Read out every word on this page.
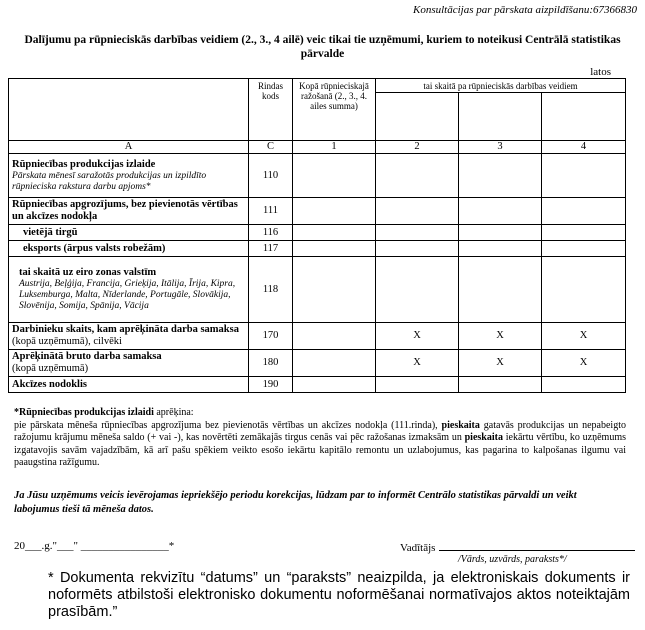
Konsultācijas par pārskata aizpildīšanu:67366830
Dalījumu pa rūpnieciskās darbības veidiem (2., 3., 4 ailē) veic tikai tie uzņēmumi, kuriem to noteikusi Centrālā statistikas pārvalde
latos
	Rindas kods	Kopā rūpnieciskajā ražošanā (2., 3., 4. ailes summa)	tai skaitā pa rūpnieciskās darbības veidiem		

A	C	1	2	3	4

Rūpniecības produkcijas izlaide
Pārskata mēnesī saražotās produkcijas un izpildīto rūpnieciska rakstura darbu apjoms*	110				
Rūpniecības apgrozījums, bez pievienotās vērtības un akcīzes nodokļa	111				
vietējā tirgū	116				
eksports (ārpus valsts robežām)	117				

tai skaitā uz eiro zonas valstīm
Austrija, Beļģija, Francija, Grieķija, Itālija, Īrija, Kipra, Luksemburga, Malta, Nīderlande, Portugāle, Slovākija, Slovēnija, Somija, Spānija, Vācija	118				
Darbinieku skaits, kam aprēķināta darba samaksa (kopā uzņēmumā), cilvēki	170		X	X	X

Aprēķinātā bruto darba samaksa
(kopā uzņēmumā)	180		X	X	X
Akcīzes nodoklis	190				
*Rūpniecības produkcijas izlaidi aprēķina:
pie pārskata mēneša rūpniecības apgrozījuma bez pievienotās vērtības un akcīzes nodokļa (111.rinda), pieskaita gatavās produkcijas un nepabeigto ražojumu krājumu mēneša saldo (+ vai -), kas novērtēti zemākajās tirgus cenās vai pēc ražošanas izmaksām un pieskaita iekārtu vērtību, ko uzņēmums izgatavojis savām vajadzībām, kā arī pašu spēkiem veikto esošo iekārtu kapitālo remontu un uzlabojumus, kas pagarina to kalpošanas ilgumu vai paaugstina ražīgumu.
Ja Jūsu uzņēmums veicis ievērojamas iepriekšējo periodu korekcijas, lūdzam par to informēt Centrālo statistikas pārvaldi un veikt labojumus tieši tā mēneša datos.
20___.g."___" ________________*	Vadītājs
/Vārds, uzvārds, paraksts*/
* Dokumenta rekvizītu “datums” un “paraksts” neaizpilda, ja elektroniskais dokuments ir noformēts atbilstoši elektronisko dokumentu noformēšanai normatīvajos aktos noteiktajām prasībām.”
